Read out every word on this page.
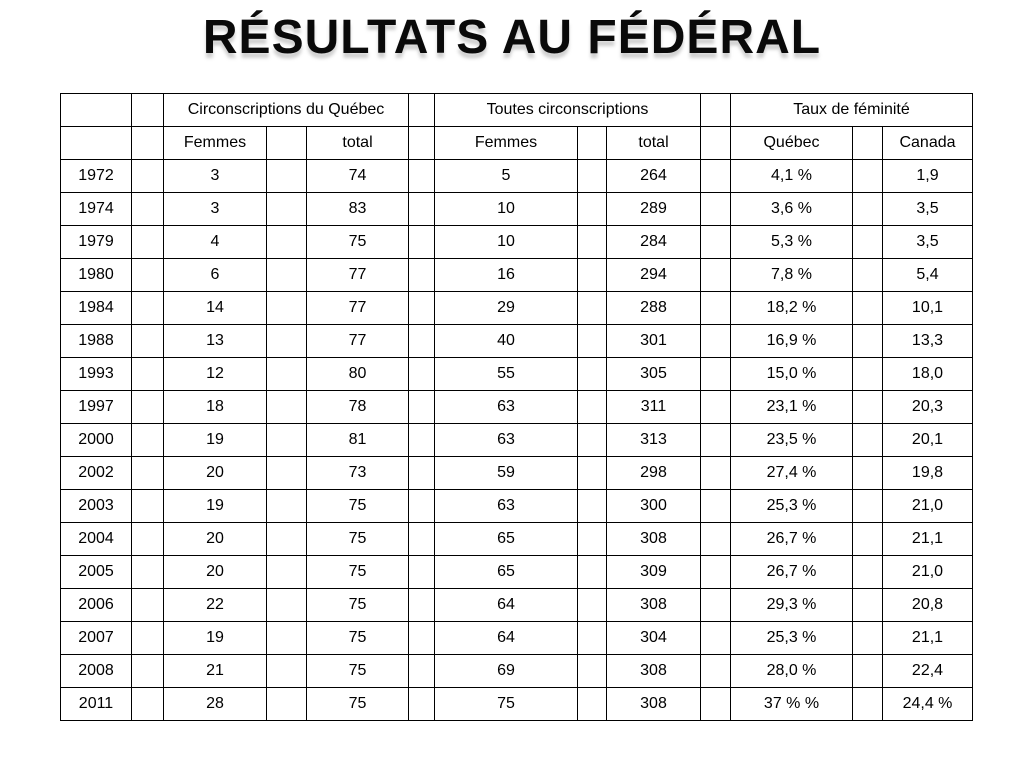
RÉSULTATS AU FÉDÉRAL
		Circonscriptions du Québec				Toutes circonscriptions				Taux de féminité		
		Femmes		total		Femmes		total		Québec		Canada
1972		3		74		5		264		4,1 %		1,9
1974		3		83		10		289		3,6 %		3,5
1979		4		75		10		284		5,3 %		3,5
1980		6		77		16		294		7,8 %		5,4
1984		14		77		29		288		18,2 %		10,1
1988		13		77		40		301		16,9 %		13,3
1993		12		80		55		305		15,0 %		18,0
1997		18		78		63		311		23,1 %		20,3
2000		19		81		63		313		23,5 %		20,1
2002		20		73		59		298		27,4 %		19,8
2003		19		75		63		300		25,3 %		21,0
2004		20		75		65		308		26,7 %		21,1
2005		20		75		65		309		26,7 %		21,0
2006		22		75		64		308		29,3 %		20,8
2007		19		75		64		304		25,3 %		21,1
2008		21		75		69		308		28,0 %		22,4
2011		28		75		75		308		37 % %		24,4 %
